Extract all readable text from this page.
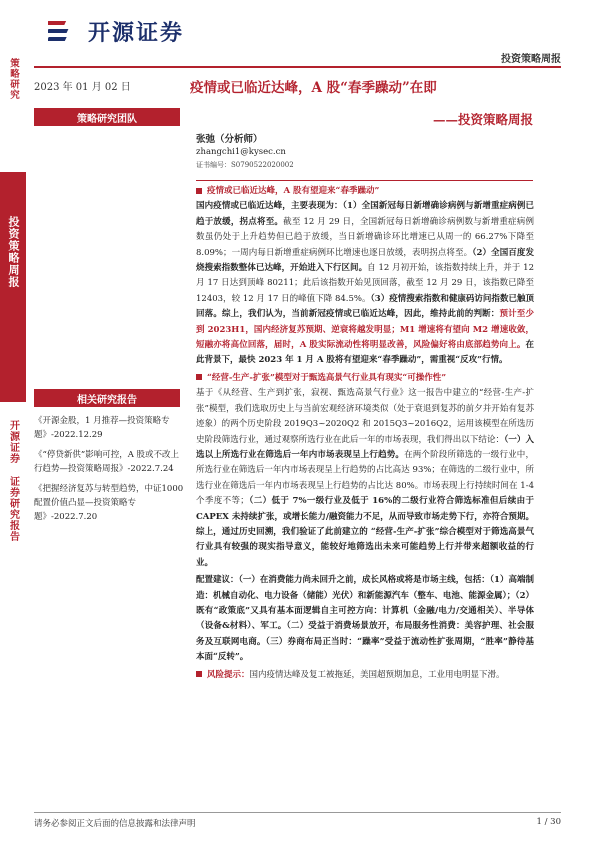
策略研究
投资策略周报
开源证券 证券研究报告
开源证券
投资策略周报
2023 年 01 月 02 日	疫情或已临近达峰，A 股“春季躁动”在即
——投资策略周报
策略研究团队
张弛（分析师）
zhangchi1@kysec.cn
证书编号：S0790522020002
相关研究报告
《开源金股，1 月推荐—投资策略专题》-2022.12.29
《“停贷新供”影响可控，A 股或不改上行趋势—投资策略周报》-2022.7.24
《把握经济复苏与转型趋势，中证1000 配置价值凸显—投资策略专题》-2022.7.20
疫情或已临近达峰，A 股有望迎来“春季躁动”
国内疫情或已临近达峰，主要表现为：（1）全国新冠每日新增确诊病例与新增重症病例已趋于放缓，拐点将至。截至 12 月 29 日，全国新冠每日新增确诊病例数与新增重症病例数虽仍处于上升趋势但已趋于放缓，当日新增确诊环比增速已从周一的 66.27%下降至 8.09%；一周内每日新增重症病例环比增速也逐日放缓，表明拐点将至。（2）全国百度发烧搜索指数整体已达峰，开始进入下行区间。自 12 月初开始，该指数持续上升，并于 12 月 17 日达到顶峰 80211；此后该指数开始见顶回落，截至 12 月 29 日，该指数已降至 12403，较 12 月 17 日的峰值下降 84.5%。（3）疫情搜索指数和健康码访问指数已触顶回落。综上，我们认为，当前新冠疫情或已临近达峰，因此，维持此前的判断：预计至少到 2023H1，国内经济复苏预期、逆衰将越发明显；M1 增速将有望向 M2 增速收敛，短融亦将高位回落，届时，A 股实际流动性将明显改善，风险偏好将由底部趋势向上。在此背景下，最快 2023 年 1 月 A 股将有望迎来“春季躁动”，需重视“反攻”行情。
“经营-生产-扩张”模型对于甄选高景气行业具有现实“可操作性”
基于《从经营、生产到扩张，寂视、甄选高景气行业》这一报告中建立的“经营-生产-扩张”模型，我们选取历史上与当前宏观经济环境类似（处于衰退到复苏的前夕并开始有复苏迹象）的两个历史阶段 2019Q3~2020Q2 和 2015Q3~2016Q2，运用该模型在所选历史阶段筛选行业，通过观察所选行业在此后一年的市场表现，我们得出以下结论：（一）入选以上所选行业在筛选后一年内市场表现呈上行趋势。在两个阶段所筛选的一级行业中，所选行业在筛选后一年内市场表现呈上行趋势的占比高达 93%；在筛选的二级行业中，所选行业在筛选后一年内市场表现呈上行趋势的占比达 80%。市场表现上行持续时间在 1-4 个季度不等；（二）低于 7%一级行业及低于 16%的二级行业符合筛选标准但后续由于 CAPEX 未持续扩张，或增长能力/融资能力不足，从而导致市场走势下行，亦符合预期。综上，通过历史回溯，我们验证了此前建立的 “经营-生产-扩张”综合模型对于筛选高景气行业具有较强的现实指导意义，能较好地筛选出未来可能趋势上行并带来超额收益的行业。
配置建议：（一）在消费能力尚未回升之前，成长风格或将是市场主线，包括：（1）高端制造：机械自动化、电力设备（储能）光伏）和新能源汽车（整车、电池、能源金属）；（2）既有“政策底”又具有基本面逻辑自主可控方向：计算机（金融/电力/交通相关）、半导体（设备&材料）、军工。（二）受益于消费场景放开，布局服务性消费：美容护理、社会服务及互联网电商。（三）券商布局正当时：“躁率”受益于流动性扩张周期，“胜率”静待基本面“反转”。
风险提示：国内疫情达峰及复工被拖延，美国超预期加息，工业用电明显下滑。
请务必参阅正文后面的信息披露和法律声明	1 / 30
